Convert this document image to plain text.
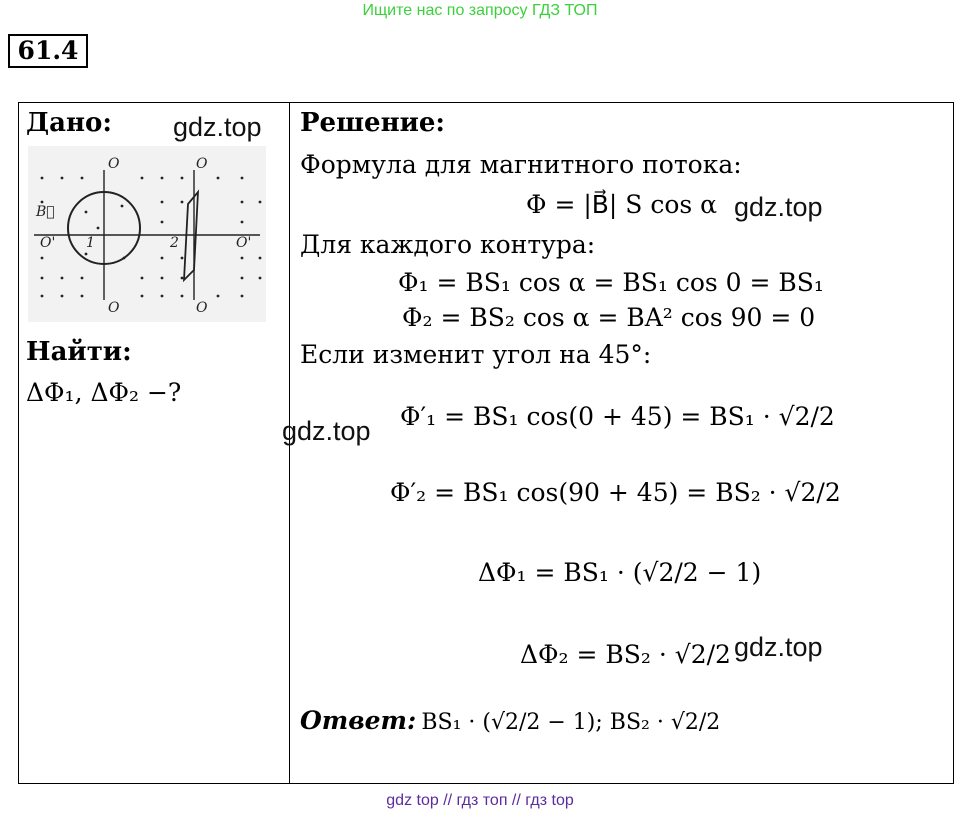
Ищите нас по запросу ГДЗ ТОП
61.4
Дано: gdz.top
O
O'
O
O
O'
O
B⃗
1	2
Найти:
ΔΦ₁, ΔΦ₂ −?
Решение:
Формула для магнитного потока:
Φ = |B⃗| S cos α gdz.top
Для каждого контура:
Φ₁ = BS₁ cos α = BS₁ cos 0 = BS₁
Φ₂ = BS₂ cos α = BA² cos 90 = 0
Если изменит угол на 45°:
gdz.top Φ′₁ = BS₁ cos(0 + 45) = BS₁ · √2/2
Φ′₂ = BS₁ cos(90 + 45) = BS₂ · √2/2
ΔΦ₁ = BS₁ · (√2/2 − 1)
ΔΦ₂ = BS₂ · √2/2 gdz.top
Ответ: BS₁ · (√2/2 − 1); BS₂ · √2/2
gdz top // гдз топ // гдз top
